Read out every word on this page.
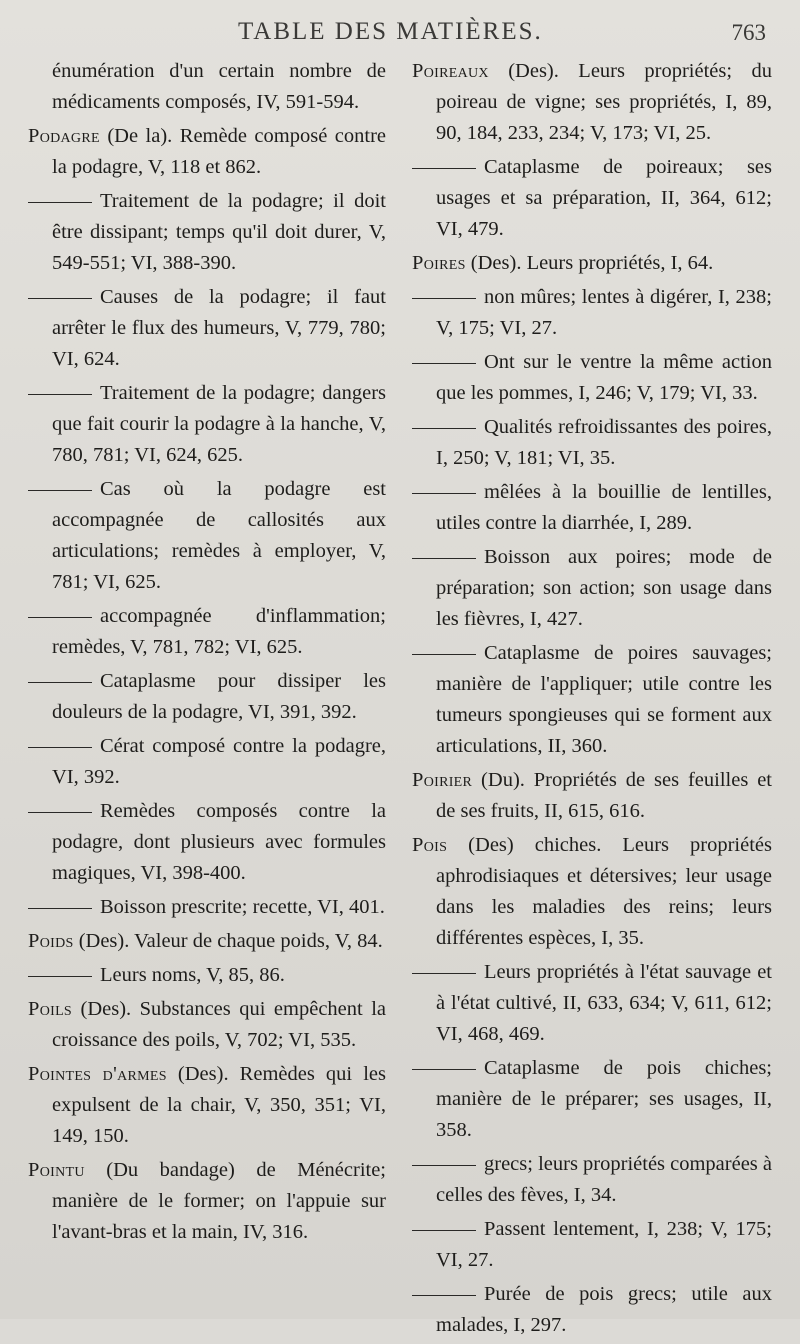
TABLE DES MATIÈRES.	763

énumération d'un certain nombre de médicaments composés, IV, 591-594.

Podagre (De la). Remède composé contre la podagre, V, 118 et 862.

Traitement de la podagre; il doit être dissipant; temps qu'il doit durer, V, 549-551; VI, 388-390.

Causes de la podagre; il faut arrêter le flux des humeurs, V, 779, 780; VI, 624.

Traitement de la podagre; dangers que fait courir la podagre à la hanche, V, 780, 781; VI, 624, 625.

Cas où la podagre est accompagnée de callosités aux articulations; remèdes à employer, V, 781; VI, 625.

accompagnée d'inflammation; remèdes, V, 781, 782; VI, 625.

Cataplasme pour dissiper les douleurs de la podagre, VI, 391, 392.

Cérat composé contre la podagre, VI, 392.

Remèdes composés contre la podagre, dont plusieurs avec formules magiques, VI, 398-400.

Boisson prescrite; recette, VI, 401.

Poids (Des). Valeur de chaque poids, V, 84.

Leurs noms, V, 85, 86.

Poils (Des). Substances qui empêchent la croissance des poils, V, 702; VI, 535.

Pointes d'armes (Des). Remèdes qui les expulsent de la chair, V, 350, 351; VI, 149, 150.

Pointu (Du bandage) de Ménécrite; manière de le former; on l'appuie sur l'avant-bras et la main, IV, 316.

Poireaux (Des). Leurs propriétés; du poireau de vigne; ses propriétés, I, 89, 90, 184, 233, 234; V, 173; VI, 25.

Cataplasme de poireaux; ses usages et sa préparation, II, 364, 612; VI, 479.

Poires (Des). Leurs propriétés, I, 64.

non mûres; lentes à digérer, I, 238; V, 175; VI, 27.

Ont sur le ventre la même action que les pommes, I, 246; V, 179; VI, 33.

Qualités refroidissantes des poires, I, 250; V, 181; VI, 35.

mêlées à la bouillie de lentilles, utiles contre la diarrhée, I, 289.

Boisson aux poires; mode de préparation; son action; son usage dans les fièvres, I, 427.

Cataplasme de poires sauvages; manière de l'appliquer; utile contre les tumeurs spongieuses qui se forment aux articulations, II, 360.

Poirier (Du). Propriétés de ses feuilles et de ses fruits, II, 615, 616.

Pois (Des) chiches. Leurs propriétés aphrodisiaques et détersives; leur usage dans les maladies des reins; leurs différentes espèces, I, 35.

Leurs propriétés à l'état sauvage et à l'état cultivé, II, 633, 634; V, 611, 612; VI, 468, 469.

Cataplasme de pois chiches; manière de le préparer; ses usages, II, 358.

grecs; leurs propriétés comparées à celles des fèves, I, 34.

Passent lentement, I, 238; V, 175; VI, 27.

Purée de pois grecs; utile aux malades, I, 297.
